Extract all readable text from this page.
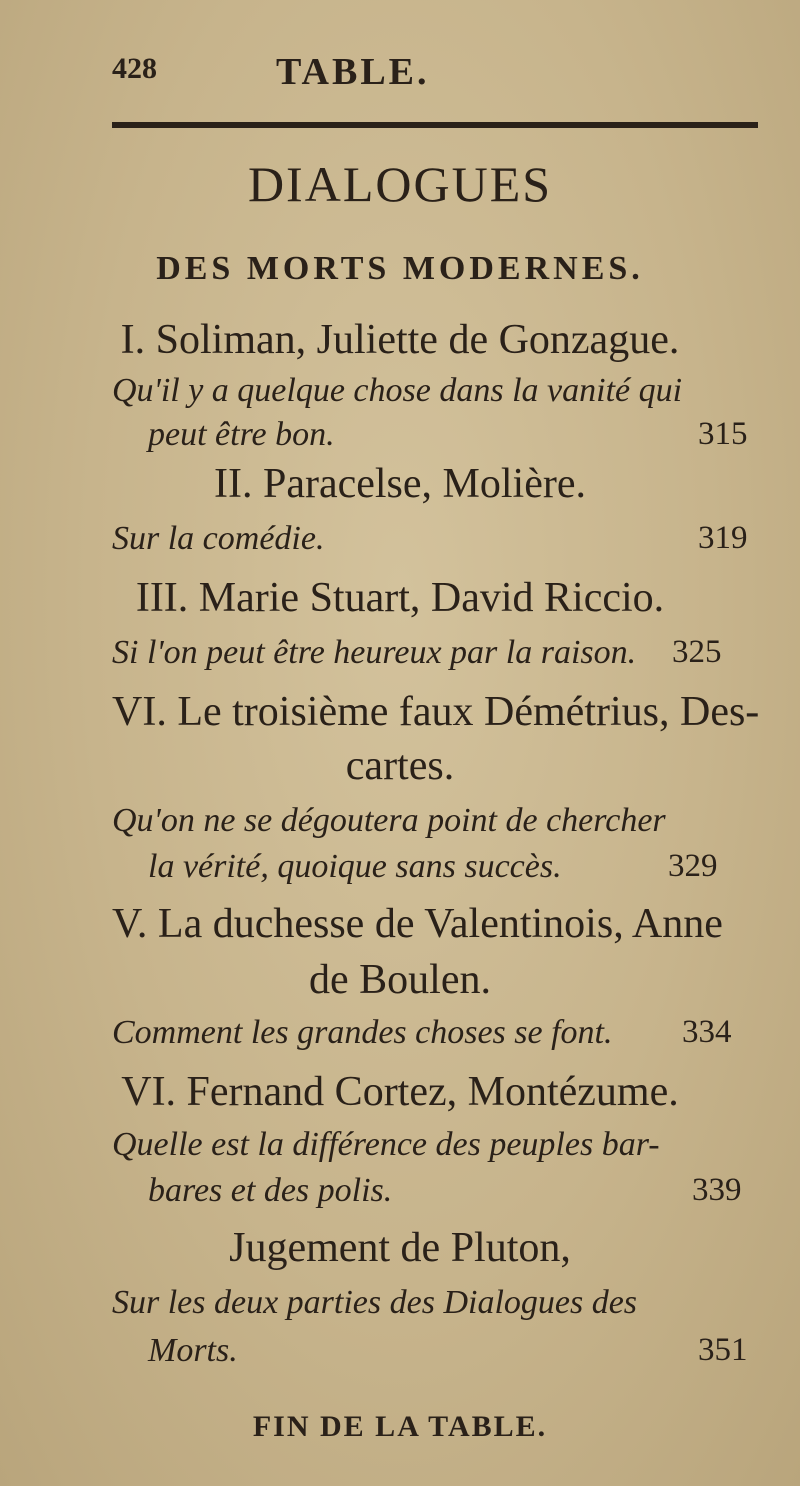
428	TABLE.
DIALOGUES
DES MORTS MODERNES.
I. Soliman, Juliette de Gonzague.
Qu'il y a quelque chose dans la vanité qui
peut être bon.	315
II. Paracelse, Molière.
Sur la comédie.	319
III. Marie Stuart, David Riccio.
Si l'on peut être heureux par la raison. 325
VI. Le troisième faux Démétrius, Des-
cartes.
Qu'on ne se dégoutera point de chercher
la vérité, quoique sans succès.	329
V. La duchesse de Valentinois, Anne
de Boulen.
Comment les grandes choses se font. 334
VI. Fernand Cortez, Montézume.
Quelle est la différence des peuples bar-
bares et des polis.	339
Jugement de Pluton,
Sur les deux parties des Dialogues des
Morts.	351
FIN DE LA TABLE.
